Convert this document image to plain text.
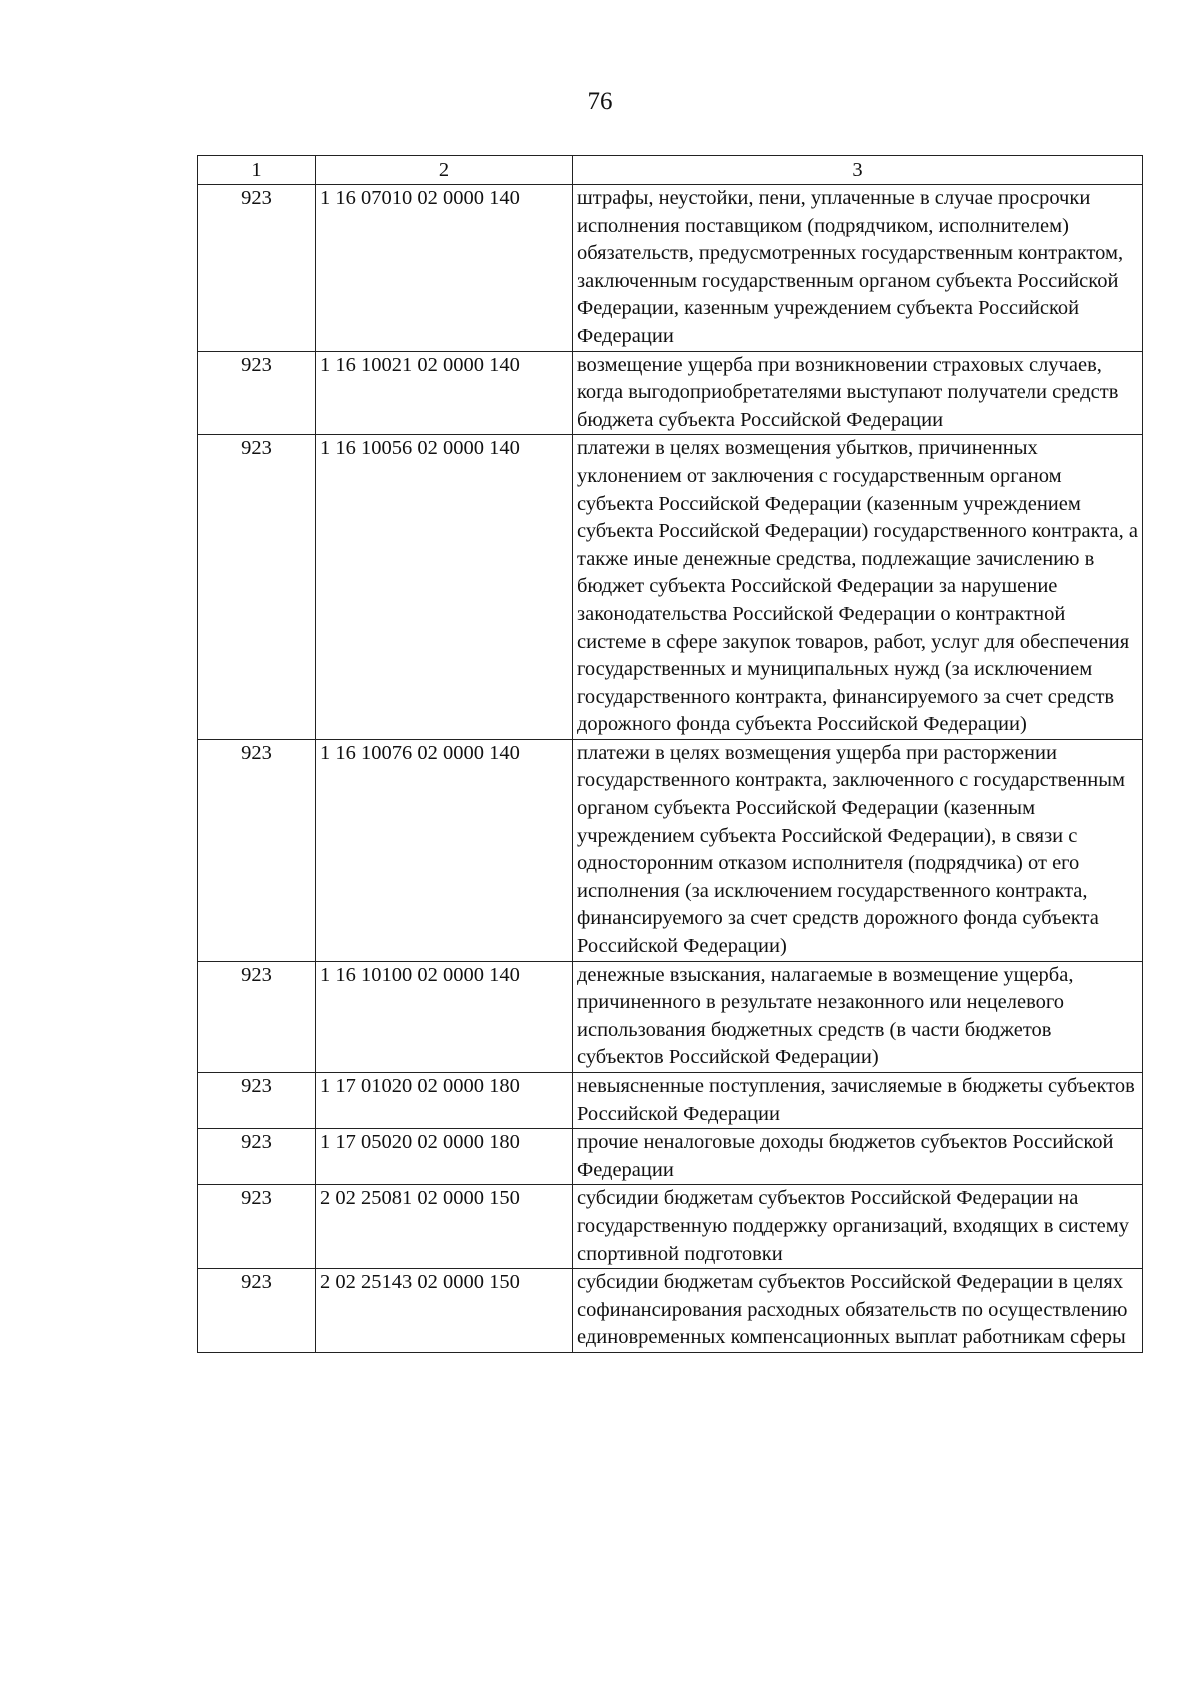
76
1	2	3
923	1 16 07010 02 0000 140	штрафы, неустойки, пени, уплаченные в случае просрочки исполнения поставщиком (подрядчиком, исполнителем) обязательств, предусмотренных государственным контрактом, заключенным государственным органом субъекта Российской Федерации, казенным учреждением субъекта Российской Федерации
923	1 16 10021 02 0000 140	возмещение ущерба при возникновении страховых случаев, когда выгодоприобретателями выступают получатели средств бюджета субъекта Российской Федерации
923	1 16 10056 02 0000 140	платежи в целях возмещения убытков, причиненных уклонением от заключения с государственным органом субъекта Российской Федерации (казенным учреждением субъекта Российской Федерации) государственного контракта, а также иные денежные средства, подлежащие зачислению в бюджет субъекта Российской Федерации за нарушение законодательства Российской Федерации о контрактной системе в сфере закупок товаров, работ, услуг для обеспечения государственных и муниципальных нужд (за исключением государственного контракта, финансируемого за счет средств дорожного фонда субъекта Российской Федерации)
923	1 16 10076 02 0000 140	платежи в целях возмещения ущерба при расторжении государственного контракта, заключенного с государственным органом субъекта Российской Федерации (казенным учреждением субъекта Российской Федерации), в связи с односторонним отказом исполнителя (подрядчика) от его исполнения (за исключением государственного контракта, финансируемого за счет средств дорожного фонда субъекта Российской Федерации)
923	1 16 10100 02 0000 140	денежные взыскания, налагаемые в возмещение ущерба, причиненного в результате незаконного или нецелевого использования бюджетных средств (в части бюджетов субъектов Российской Федерации)
923	1 17 01020 02 0000 180	невыясненные поступления, зачисляемые в бюджеты субъектов Российской Федерации
923	1 17 05020 02 0000 180	прочие неналоговые доходы бюджетов субъектов Российской Федерации
923	2 02 25081 02 0000 150	субсидии бюджетам субъектов Российской Федерации на государственную поддержку организаций, входящих в систему спортивной подготовки
923	2 02 25143 02 0000 150	субсидии бюджетам субъектов Российской Федерации в целях софинансирования расходных обязательств по осуществлению единовременных компенсационных выплат работникам сферы
